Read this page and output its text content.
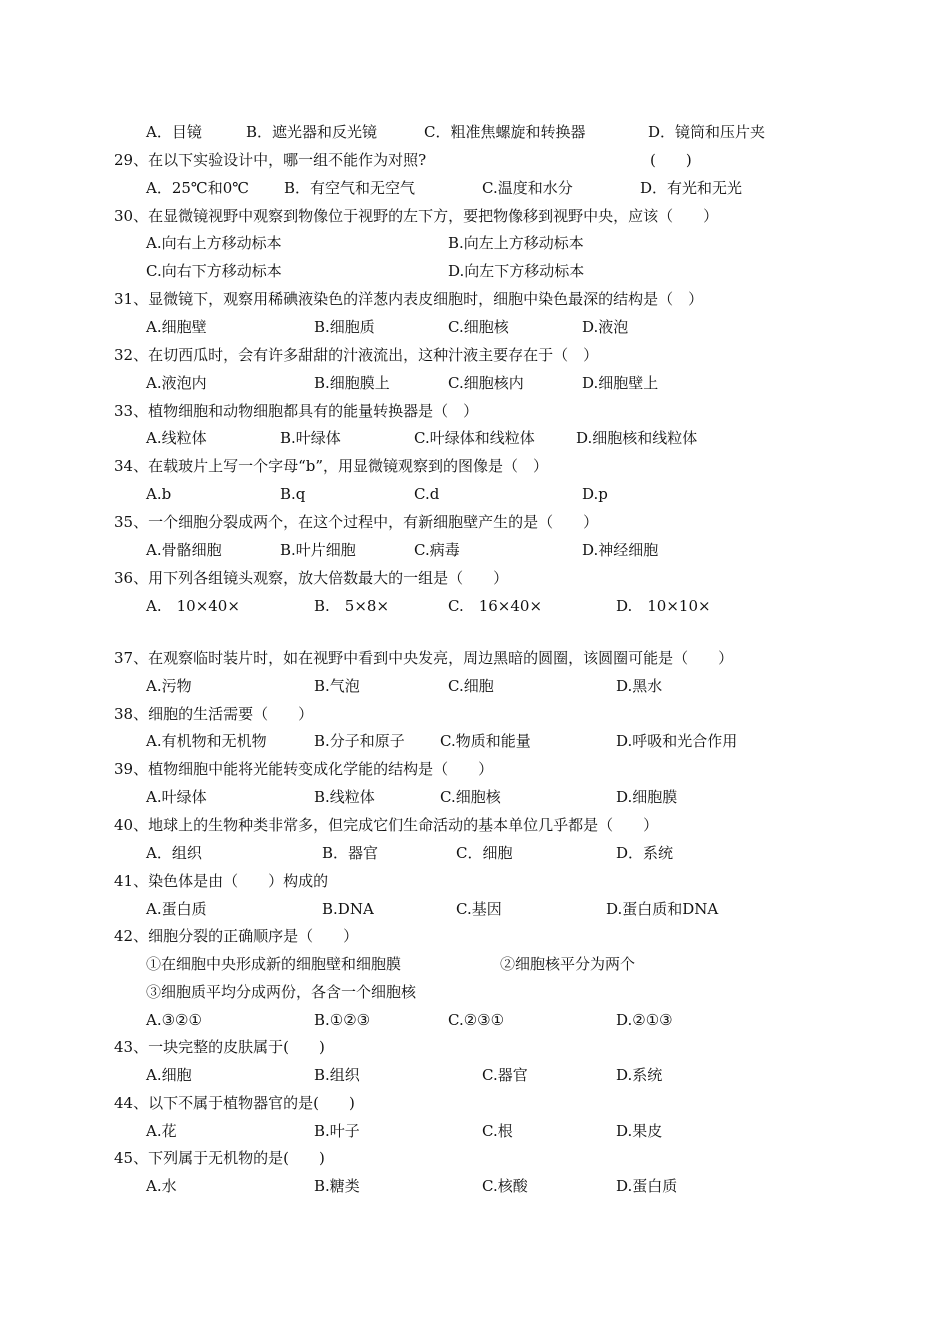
A．目镜	B．遮光器和反光镜	C．粗准焦螺旋和转换器	D．镜筒和压片夹
29、在以下实验设计中，哪一组不能作为对照?	(　　)
A．25℃和0℃ B．有空气和无空气	C.温度和水分	D．有光和无光
30、在显微镜视野中观察到物像位于视野的左下方，要把物像移到视野中央，应该（　　）
A.向右上方移动标本	B.向左上方移动标本
C.向右下方移动标本	D.向左下方移动标本
31、显微镜下，观察用稀碘液染色的洋葱内表皮细胞时，细胞中染色最深的结构是（　）
A.细胞壁	B.细胞质	C.细胞核	D.液泡
32、在切西瓜时，会有许多甜甜的汁液流出，这种汁液主要存在于（　）
A.液泡内	B.细胞膜上	C.细胞核内	D.细胞壁上
33、植物细胞和动物细胞都具有的能量转换器是（　）
A.线粒体	B.叶绿体	C.叶绿体和线粒体	D.细胞核和线粒体
34、在载玻片上写一个字母“b”，用显微镜观察到的图像是（　）
A.b	B.q	C.d	D.p
35、一个细胞分裂成两个，在这个过程中，有新细胞壁产生的是（　　）
A.骨骼细胞	B.叶片细胞	C.病毒	D.神经细胞
36、用下列各组镜头观察，放大倍数最大的一组是（　　）
A.　10×40×	B.　5×8×	C.　16×40×	D.　10×10×
37、在观察临时装片时，如在视野中看到中央发亮，周边黑暗的圆圈，该圆圈可能是（　　）
A.污物	B.气泡	C.细胞	D.黑水
38、细胞的生活需要（　　）
A.有机物和无机物	B.分子和原子 C.物质和能量	D.呼吸和光合作用
39、植物细胞中能将光能转变成化学能的结构是（　　）
A.叶绿体	B.线粒体	C.细胞核	D.细胞膜
40、地球上的生物种类非常多，但完成它们生命活动的基本单位几乎都是（　　）
A．组织	B．器官	C．细胞	D．系统
41、染色体是由（　　）构成的
A.蛋白质	B.DNA	C.基因	D.蛋白质和DNA
42、细胞分裂的正确顺序是（　　）
①在细胞中央形成新的细胞壁和细胞膜	②细胞核平分为两个
③细胞质平均分成两份，各含一个细胞核
A.③②①	B.①②③	C.②③①	D.②①③
43、一块完整的皮肤属于(　　)
A.细胞	B.组织	C.器官	D.系统
44、以下不属于植物器官的是(　　)
A.花	B.叶子	C.根	D.果皮
45、下列属于无机物的是(　　)
A.水	B.糖类	C.核酸	D.蛋白质
